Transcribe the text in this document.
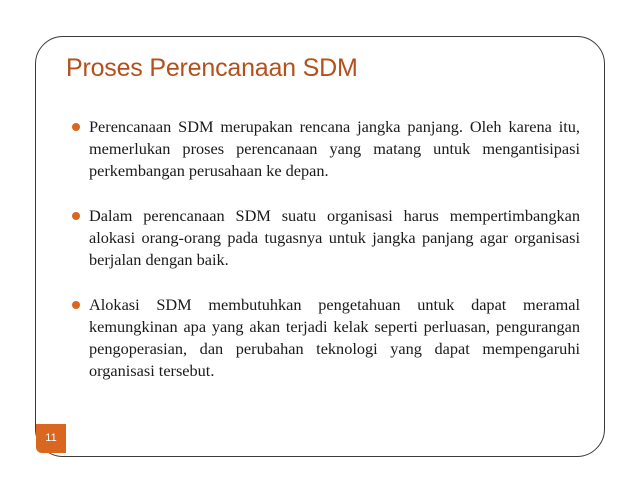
Proses Perencanaan SDM
Perencanaan SDM merupakan rencana jangka panjang. Oleh karena itu, memerlukan proses perencanaan yang matang untuk mengantisipasi perkembangan perusahaan ke depan.
Dalam perencanaan SDM suatu organisasi harus mempertimbangkan alokasi orang-orang pada tugasnya untuk jangka panjang agar organisasi berjalan dengan baik.
Alokasi SDM membutuhkan pengetahuan untuk dapat meramal kemungkinan apa yang akan terjadi kelak seperti perluasan, pengurangan pengoperasian, dan perubahan teknologi yang dapat mempengaruhi organisasi tersebut.
11
